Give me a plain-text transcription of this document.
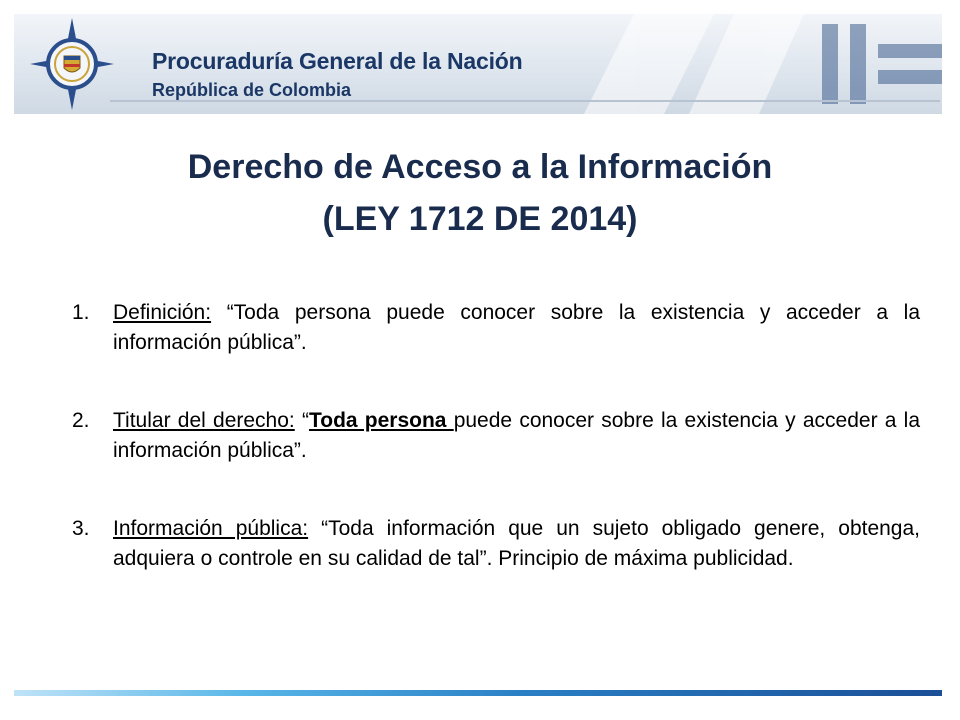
Procuraduría General de la Nación
República de Colombia
Derecho de Acceso a la Información
(LEY 1712 DE 2014)
1.	Definición: “Toda persona puede conocer sobre la existencia y acceder a la información pública”.
2.	Titular del derecho: “Toda persona puede conocer sobre la existencia y acceder a la información pública”.
3.	Información pública: “Toda información que un sujeto obligado genere, obtenga, adquiera o controle en su calidad de tal”. Principio de máxima publicidad.
